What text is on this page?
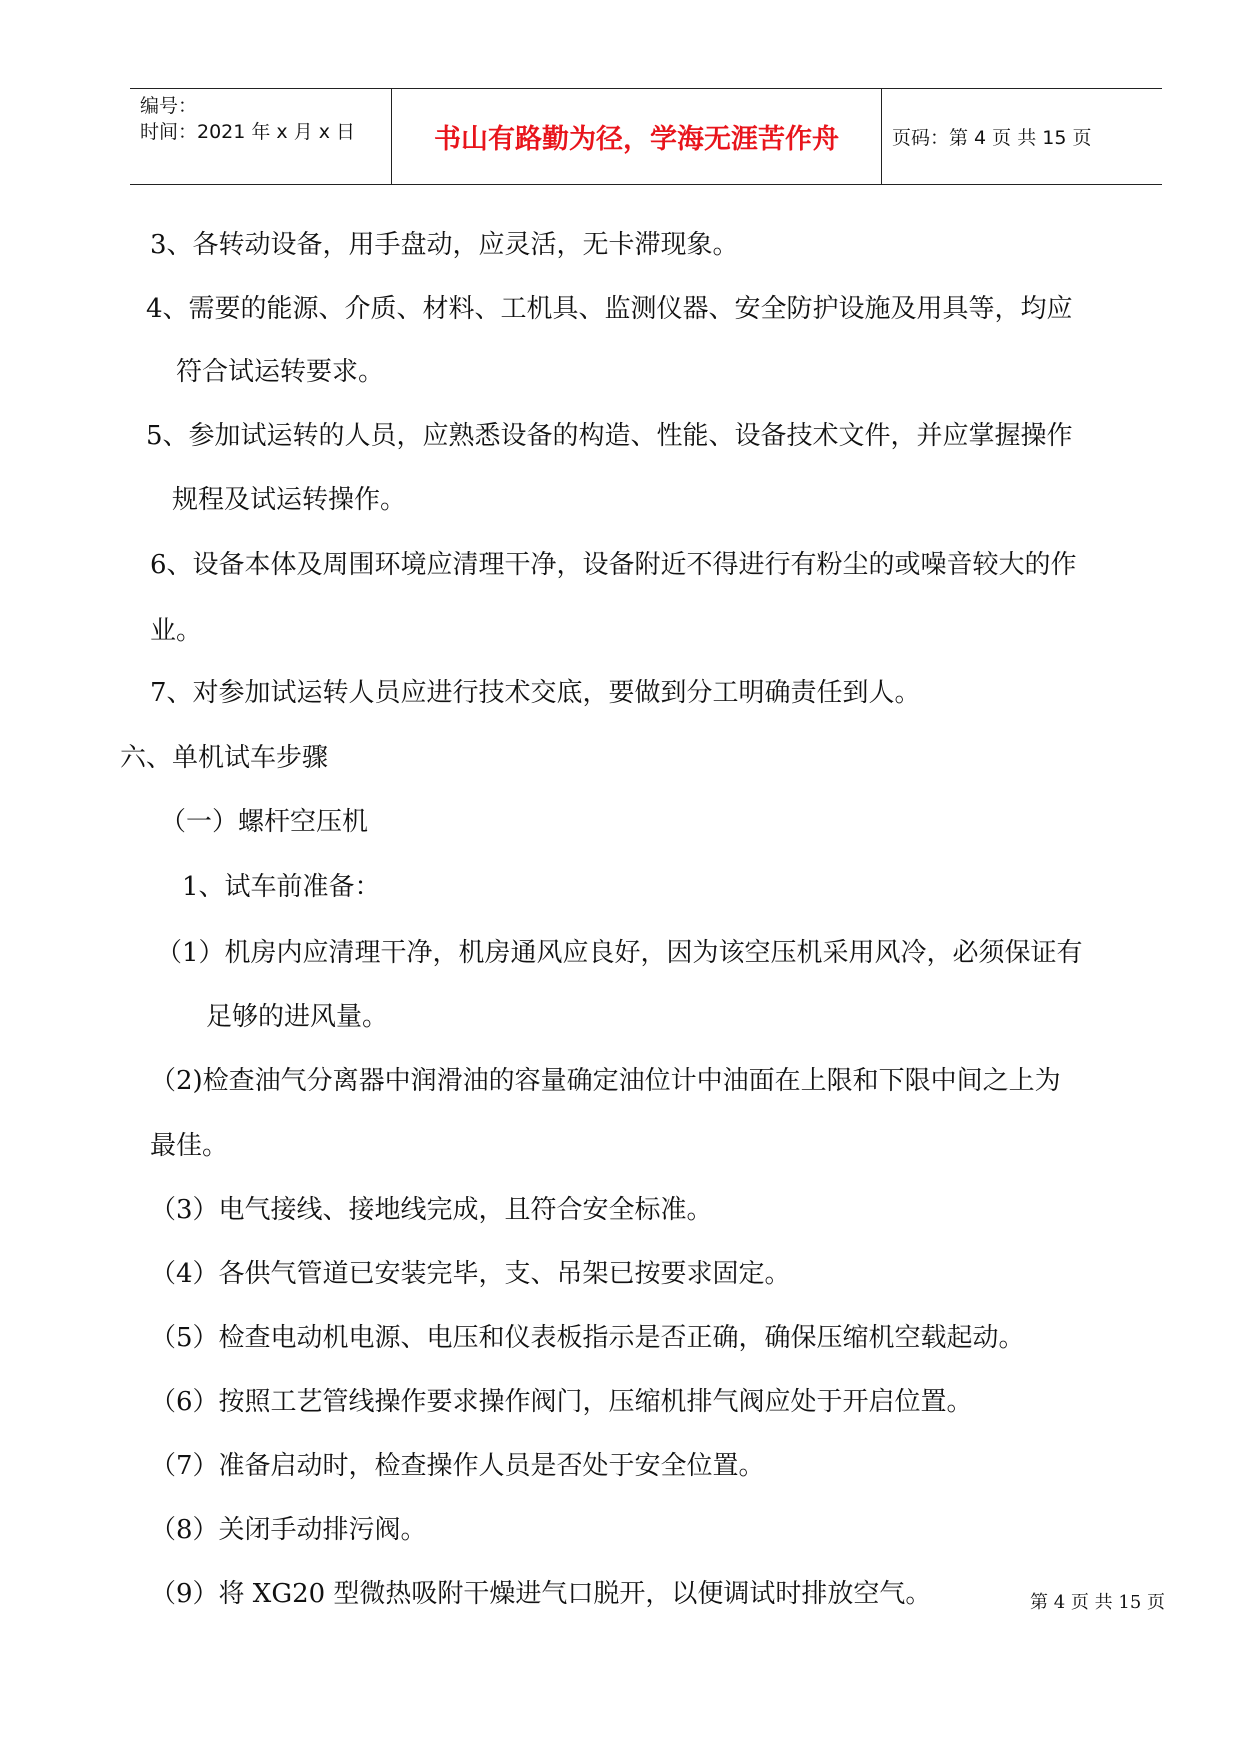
编号：
时间：2021 年 x 月 x 日	书山有路勤为径，学海无涯苦作舟	页码：第 4 页 共 15 页
3、各转动设备，用手盘动，应灵活，无卡滞现象。
4、需要的能源、介质、材料、工机具、监测仪器、安全防护设施及用具等，均应
符合试运转要求。
5、参加试运转的人员，应熟悉设备的构造、性能、设备技术文件，并应掌握操作
规程及试运转操作。
6、设备本体及周围环境应清理干净，设备附近不得进行有粉尘的或噪音较大的作
业。
7、对参加试运转人员应进行技术交底，要做到分工明确责任到人。
六、单机试车步骤
（一）螺杆空压机
1、试车前准备：
（1）机房内应清理干净，机房通风应良好，因为该空压机采用风冷，必须保证有
足够的进风量。
（2)检查油气分离器中润滑油的容量确定油位计中油面在上限和下限中间之上为
最佳。
（3）电气接线、接地线完成，且符合安全标准。
（4）各供气管道已安装完毕，支、吊架已按要求固定。
（5）检查电动机电源、电压和仪表板指示是否正确，确保压缩机空载起动。
（6）按照工艺管线操作要求操作阀门，压缩机排气阀应处于开启位置。
（7）准备启动时，检查操作人员是否处于安全位置。
（8）关闭手动排污阀。
（9）将 XG20 型微热吸附干燥进气口脱开，以便调试时排放空气。	第 4 页 共 15 页
